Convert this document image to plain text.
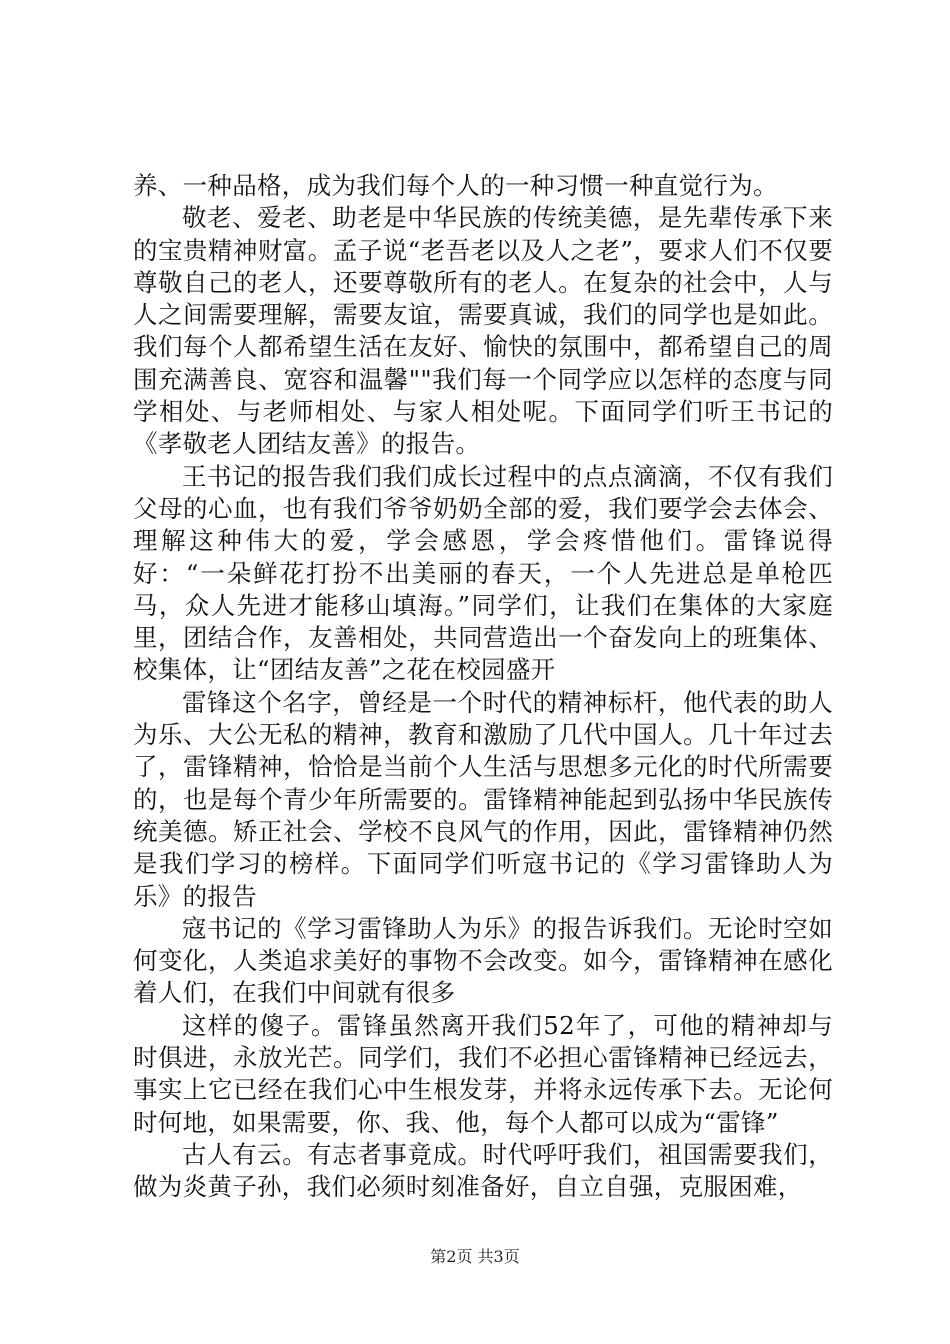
养、一种品格，成为我们每个人的一种习惯一种直觉行为。

敬老、爱老、助老是中华民族的传统美德，是先辈传承下来的宝贵精神财富。孟子说“老吾老以及人之老”，要求人们不仅要尊敬自己的老人，还要尊敬所有的老人。在复杂的社会中，人与人之间需要理解，需要友谊，需要真诚，我们的同学也是如此。我们每个人都希望生活在友好、愉快的氛围中，都希望自己的周围充满善良、宽容和温馨""我们每一个同学应以怎样的态度与同学相处、与老师相处、与家人相处呢。下面同学们听王书记的《孝敬老人团结友善》的报告。

王书记的报告我们我们成长过程中的点点滴滴，不仅有我们父母的心血，也有我们爷爷奶奶全部的爱，我们要学会去体会、理解这种伟大的爱，学会感恩，学会疼惜他们。雷锋说得好：“一朵鲜花打扮不出美丽的春天，一个人先进总是单枪匹马，众人先进才能移山填海。”同学们，让我们在集体的大家庭里，团结合作，友善相处，共同营造出一个奋发向上的班集体、校集体，让“团结友善”之花在校园盛开

雷锋这个名字，曾经是一个时代的精神标杆，他代表的助人为乐、大公无私的精神，教育和激励了几代中国人。几十年过去了，雷锋精神，恰恰是当前个人生活与思想多元化的时代所需要的，也是每个青少年所需要的。雷锋精神能起到弘扬中华民族传统美德。矫正社会、学校不良风气的作用，因此，雷锋精神仍然是我们学习的榜样。下面同学们听寇书记的《学习雷锋助人为乐》的报告

寇书记的《学习雷锋助人为乐》的报告诉我们。无论时空如何变化，人类追求美好的事物不会改变。如今，雷锋精神在感化着人们，在我们中间就有很多

这样的傻子。雷锋虽然离开我们52年了，可他的精神却与时俱进，永放光芒。同学们，我们不必担心雷锋精神已经远去，事实上它已经在我们心中生根发芽，并将永远传承下去。无论何时何地，如果需要，你、我、他，每个人都可以成为“雷锋”

古人有云。有志者事竟成。时代呼吁我们，祖国需要我们，做为炎黄子孙，我们必须时刻准备好，自立自强，克服困难，

第2页 共3页
